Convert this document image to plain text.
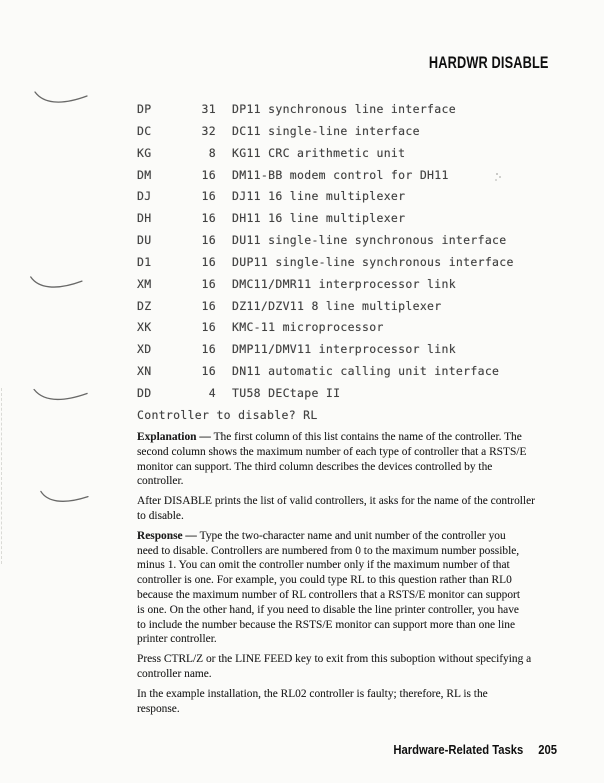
HARDWR DISABLE
DP	31 DP11 synchronous line interface
DC	32 DC11 single-line interface
KG	8 KG11 CRC arithmetic unit
DM	16 DM11-BB modem control for DH11
DJ	16 DJ11 16 line multiplexer
DH	16 DH11 16 line multiplexer
DU	16 DU11 single-line synchronous interface
D1	16 DUP11 single-line synchronous interface
XM	16 DMC11/DMR11 interprocessor link
DZ	16 DZ11/DZV11 8 line multiplexer
XK	16 KMC-11 microprocessor
XD	16 DMP11/DMV11 interprocessor link
XN	16 DN11 automatic calling unit interface
DD	4 TU58 DECtape II
Controller to disable? RL
Explanation — The first column of this list contains the name of the controller. The
second column shows the maximum number of each type of controller that a RSTS/E
monitor can support. The third column describes the devices controlled by the
controller.
After DISABLE prints the list of valid controllers, it asks for the name of the controller
to disable.
Response — Type the two-character name and unit number of the controller you
need to disable. Controllers are numbered from 0 to the maximum number possible,
minus 1. You can omit the controller number only if the maximum number of that
controller is one. For example, you could type RL to this question rather than RL0
because the maximum number of RL controllers that a RSTS/E monitor can support
is one. On the other hand, if you need to disable the line printer controller, you have
to include the number because the RSTS/E monitor can support more than one line
printer controller.
Press CTRL/Z or the LINE FEED key to exit from this suboption without specifying a
controller name.
In the example installation, the RL02 controller is faulty; therefore, RL is the
response.
Hardware-Related Tasks 205
